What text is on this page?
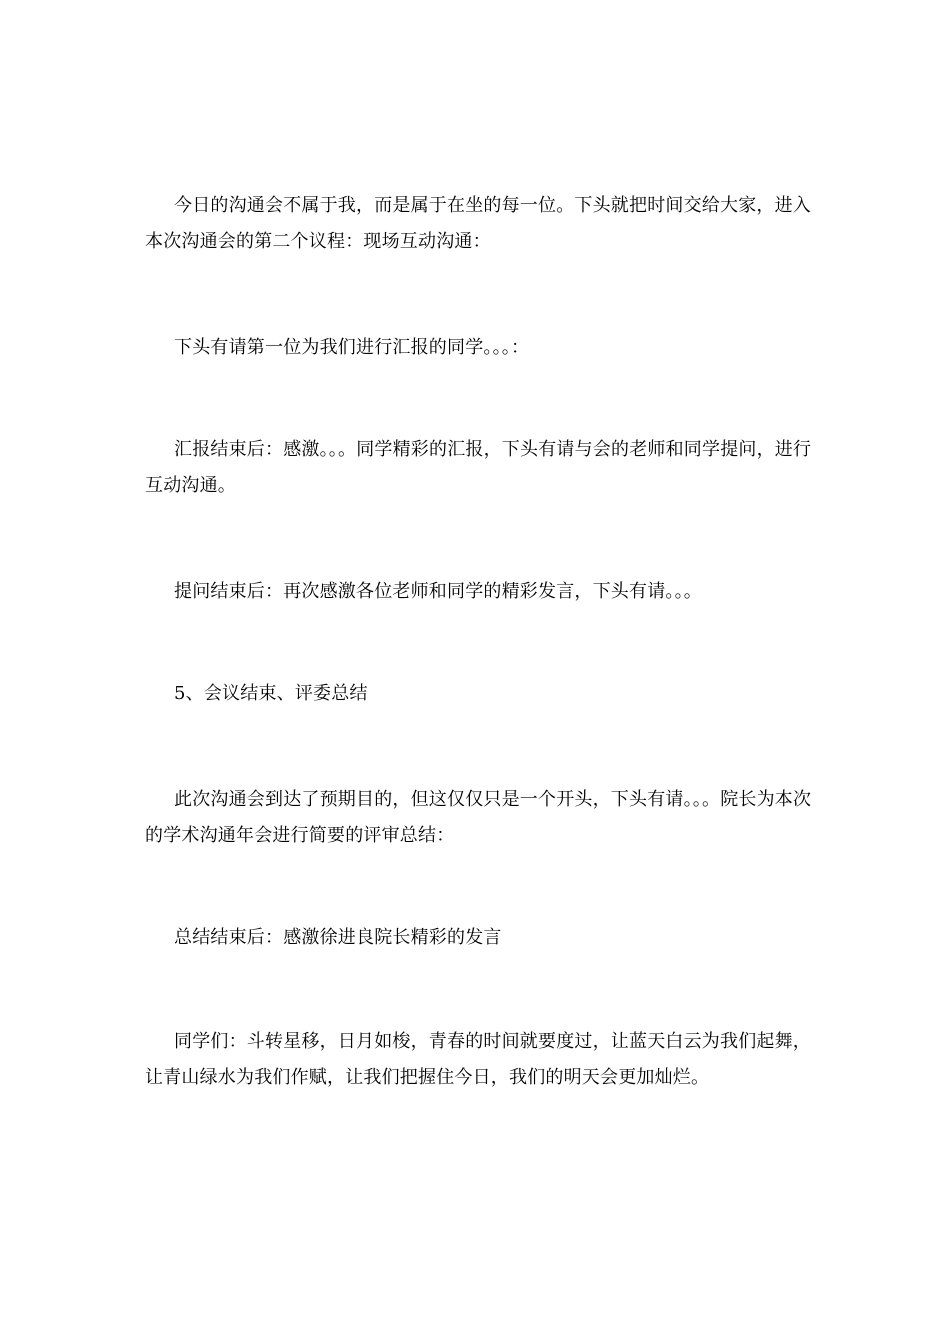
今日的沟通会不属于我，而是属于在坐的每一位。下头就把时间交给大家，进入本次沟通会的第二个议程：现场互动沟通：

下头有请第一位为我们进行汇报的同学。。。：

汇报结束后：感激。。。同学精彩的汇报，下头有请与会的老师和同学提问，进行互动沟通。

提问结束后：再次感激各位老师和同学的精彩发言，下头有请。。。

5、会议结束、评委总结

此次沟通会到达了预期目的，但这仅仅只是一个开头，下头有请。。。院长为本次的学术沟通年会进行简要的评审总结：

总结结束后：感激徐进良院长精彩的发言

同学们：斗转星移，日月如梭，青春的时间就要度过，让蓝天白云为我们起舞，让青山绿水为我们作赋，让我们把握住今日，我们的明天会更加灿烂。
